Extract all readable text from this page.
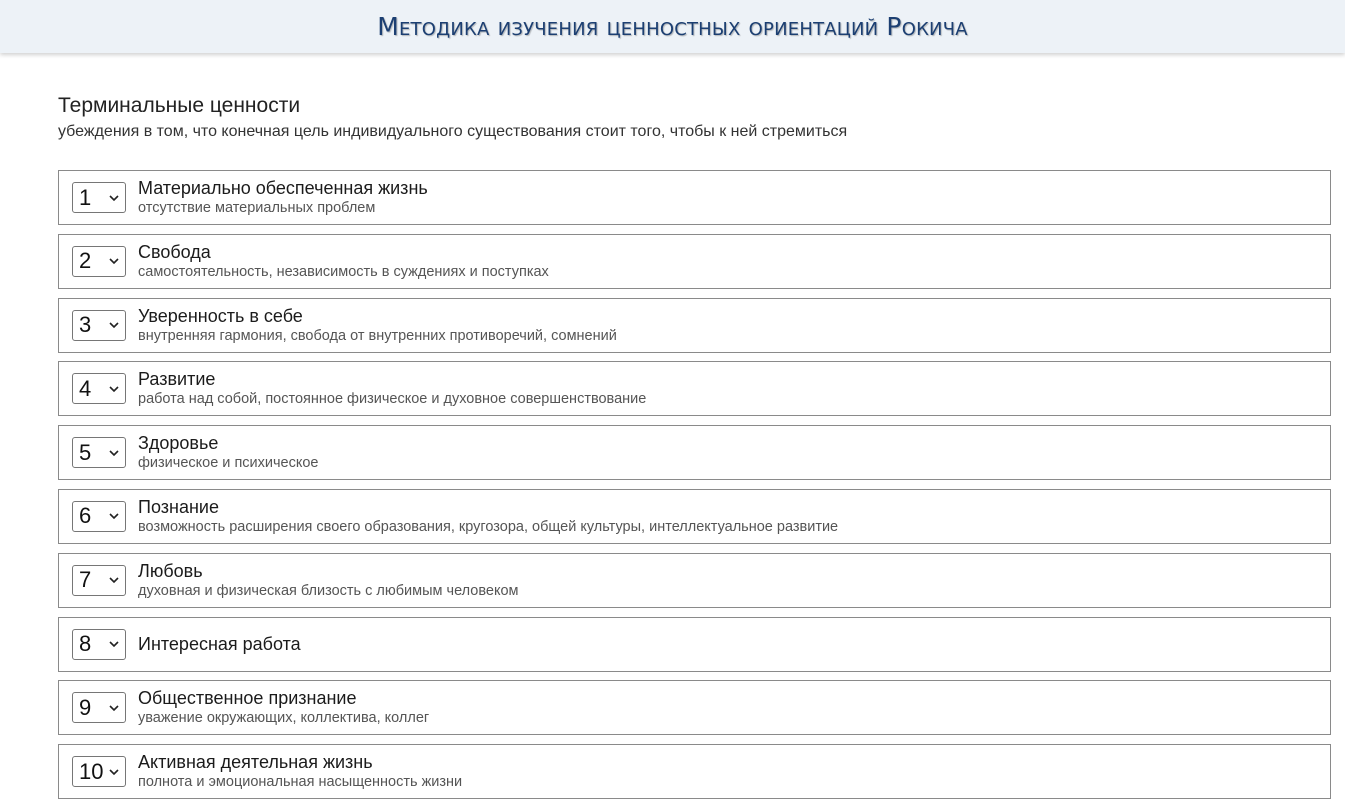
Методика изучения ценностных ориентаций Рокича
Терминальные ценности
убеждения в том, что конечная цель индивидуального существования стоит того, чтобы к ней стремиться
1	Материально обеспеченная жизнь
отсутствие материальных проблем
2	Свобода
самостоятельность, независимость в суждениях и поступках
3	Уверенность в себе
внутренняя гармония, свобода от внутренних противоречий, сомнений
4	Развитие
работа над собой, постоянное физическое и духовное совершенствование
5	Здоровье
физическое и психическое
6	Познание
возможность расширения своего образования, кругозора, общей культуры, интеллектуальное развитие
7	Любовь
духовная и физическая близость с любимым человеком
8	Интересная работа
9	Общественное признание
уважение окружающих, коллектива, коллег
10 Активная деятельная жизнь
полнота и эмоциональная насыщенность жизни
